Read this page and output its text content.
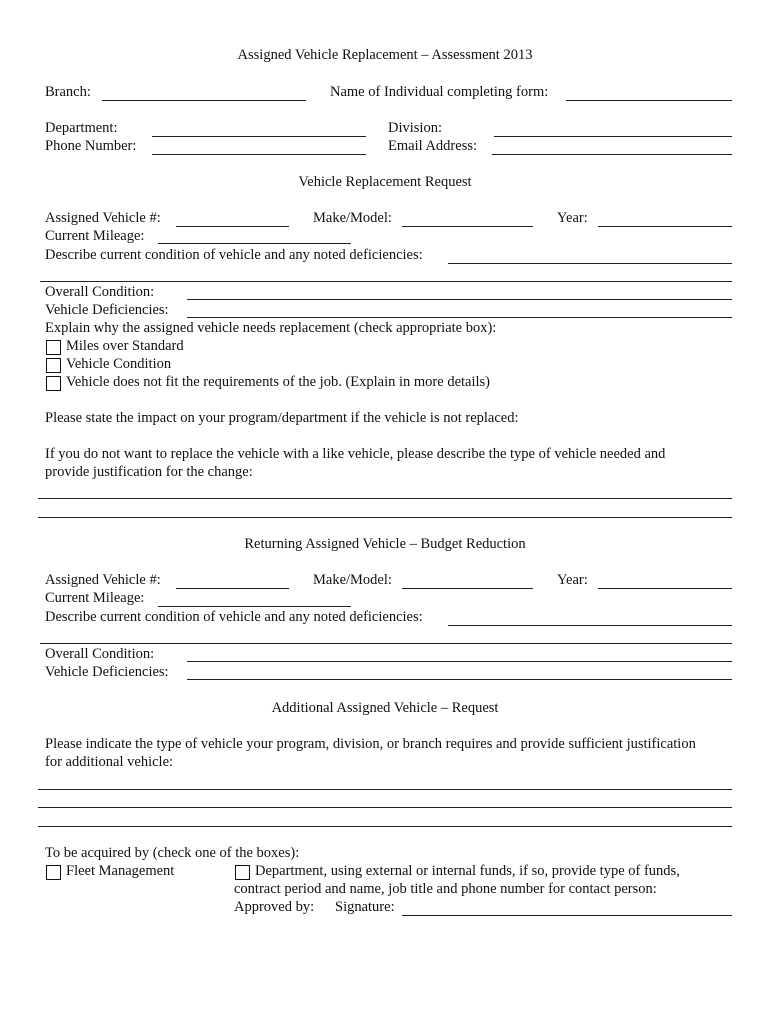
Assigned Vehicle Replacement – Assessment 2013
Branch:	Name of Individual completing form:
Department:	Division:
Phone Number:	Email Address:
Vehicle Replacement Request
Assigned Vehicle #:	Make/Model:	Year:
Current Mileage:
Describe current condition of vehicle and any noted deficiencies:
Overall Condition:
Vehicle Deficiencies:
Explain why the assigned vehicle needs replacement (check appropriate box):
Miles over Standard
Vehicle Condition
Vehicle does not fit the requirements of the job. (Explain in more details)
Please state the impact on your program/department if the vehicle is not replaced:
If you do not want to replace the vehicle with a like vehicle, please describe the type of vehicle needed and
provide justification for the change:
Returning Assigned Vehicle – Budget Reduction
Assigned Vehicle #:	Make/Model:	Year:
Current Mileage:
Describe current condition of vehicle and any noted deficiencies:
Overall Condition:
Vehicle Deficiencies:
Additional Assigned Vehicle – Request
Please indicate the type of vehicle your program, division, or branch requires and provide sufficient justification
for additional vehicle:
To be acquired by (check one of the boxes):
Fleet Management	Department, using external or internal funds, if so, provide type of funds,
contract period and name, job title and phone number for contact person:
Approved by: Signature:
